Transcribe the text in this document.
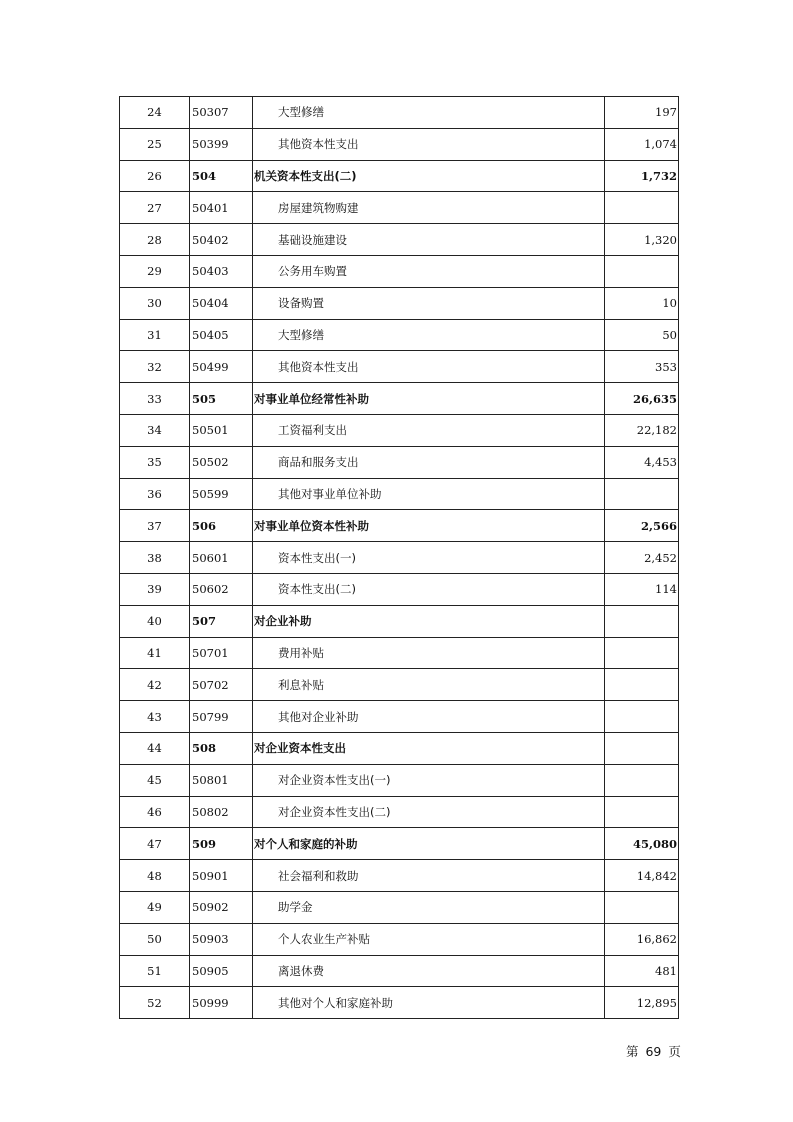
24	50307	大型修缮	197
25	50399	其他资本性支出	1,074
26	504	机关资本性支出(二)	1,732
27	50401	房屋建筑物购建	
28	50402	基础设施建设	1,320
29	50403	公务用车购置	
30	50404	设备购置	10
31	50405	大型修缮	50
32	50499	其他资本性支出	353
33	505	对事业单位经常性补助	26,635
34	50501	工资福利支出	22,182
35	50502	商品和服务支出	4,453
36	50599	其他对事业单位补助	
37	506	对事业单位资本性补助	2,566
38	50601	资本性支出(一)	2,452
39	50602	资本性支出(二)	114
40	507	对企业补助	
41	50701	费用补贴	
42	50702	利息补贴	
43	50799	其他对企业补助	
44	508	对企业资本性支出	
45	50801	对企业资本性支出(一)	
46	50802	对企业资本性支出(二)	
47	509	对个人和家庭的补助	45,080
48	50901	社会福利和救助	14,842
49	50902	助学金	
50	50903	个人农业生产补贴	16,862
51	50905	离退休费	481
52	50999	其他对个人和家庭补助	12,895
第 69 页
